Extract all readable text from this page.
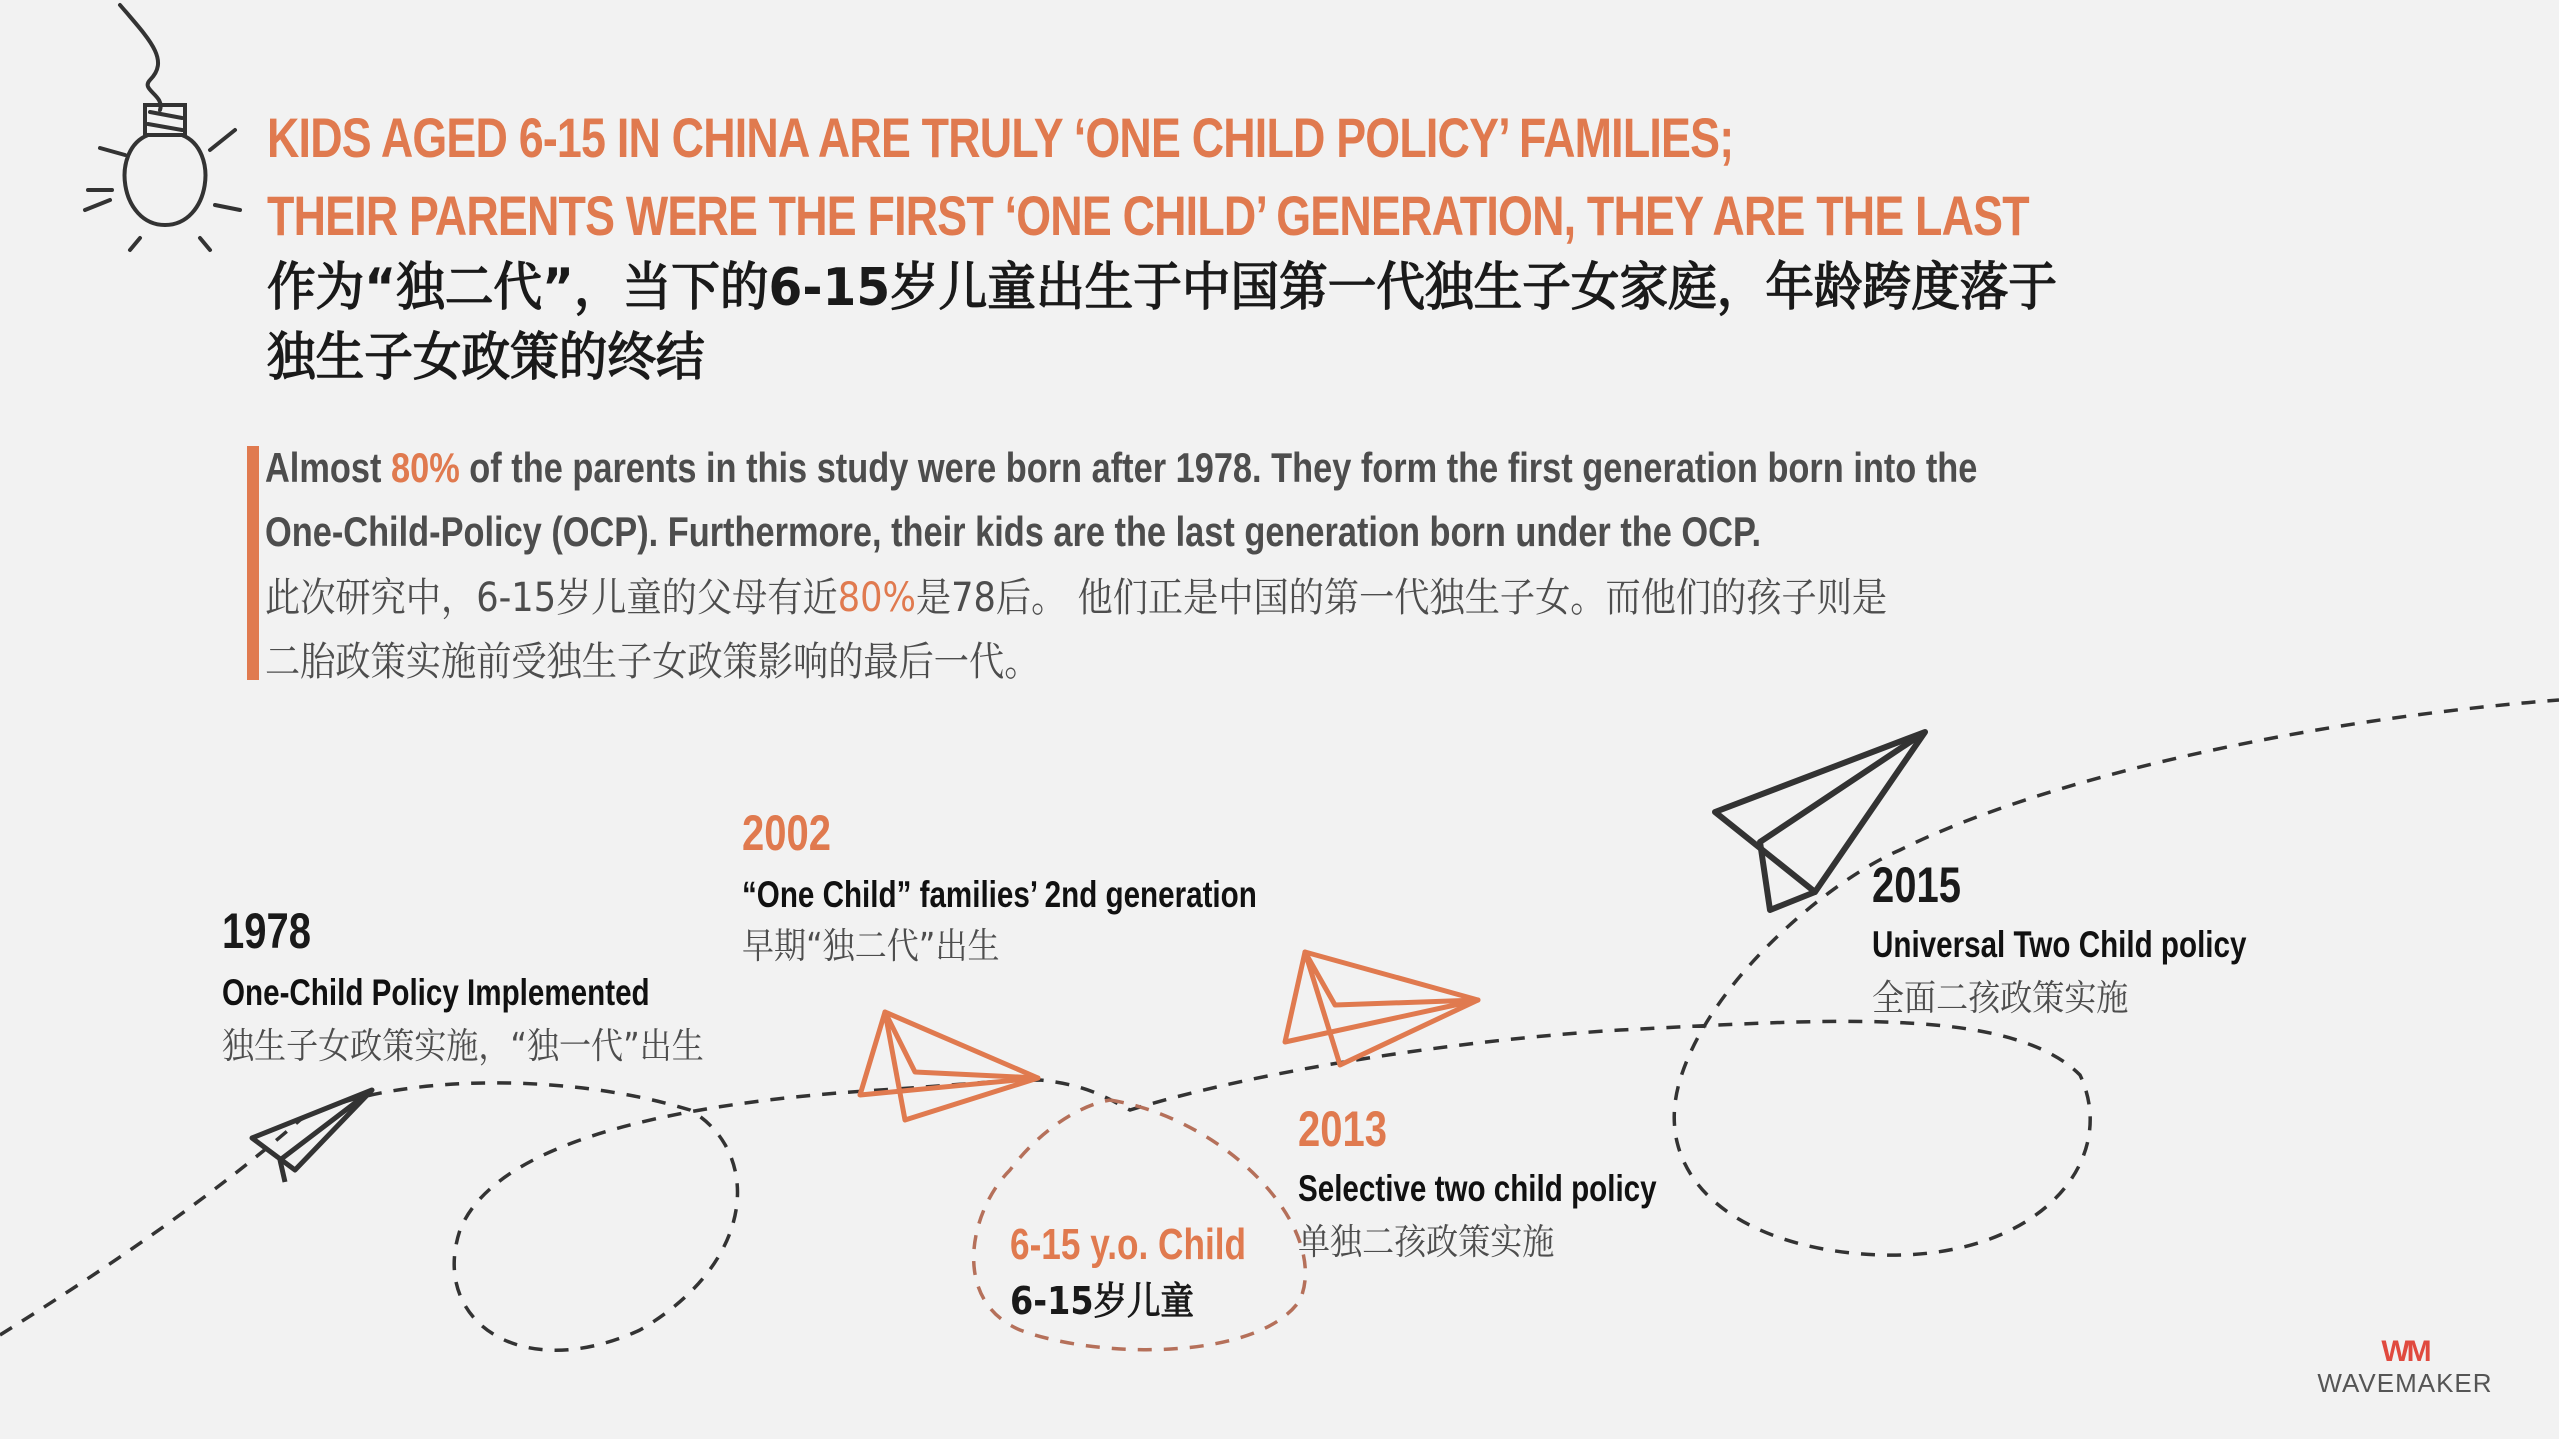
KIDS AGED 6-15 IN CHINA ARE TRULY ‘ONE CHILD POLICY’ FAMILIES;
THEIR PARENTS WERE THE FIRST ‘ONE CHILD’ GENERATION, THEY ARE THE LAST
作为“独二代”，当下的6-15岁儿童出生于中国第一代独生子女家庭，年龄跨度落于
独生子女政策的终结
Almost 80% of the parents in this study were born after 1978. They form the first generation born into the
One-Child-Policy (OCP). Furthermore, their kids are the last generation born under the OCP.
此次研究中，6-15岁儿童的父母有近80%是78后。 他们正是中国的第一代独生子女。而他们的孩子则是
二胎政策实施前受独生子女政策影响的最后一代。
1978
One-Child Policy Implemented
独生子女政策实施，“独一代”出生
2002
“One Child” families’ 2nd generation
早期“独二代”出生
6-15 y.o. Child
6-15岁儿童
2013
Selective two child policy
单独二孩政策实施
2015
Universal Two Child policy
全面二孩政策实施
WM
WAVEMAKER
